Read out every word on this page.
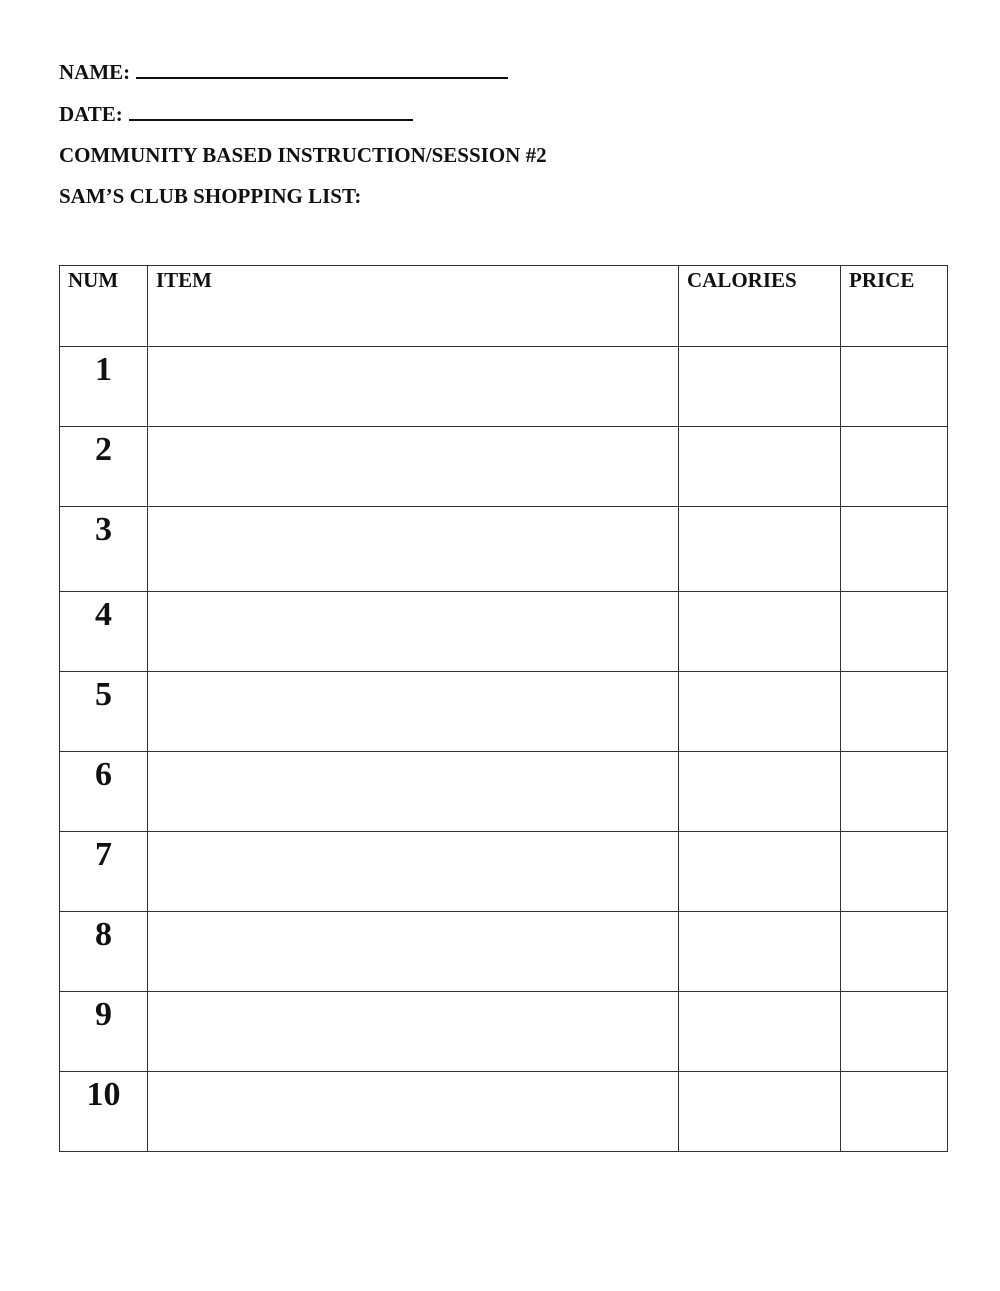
NAME:
DATE:
COMMUNITY BASED INSTRUCTION/SESSION #2
SAM’S CLUB SHOPPING LIST:
NUM	ITEM	CALORIES	PRICE
1			
2			
3			
4			
5			
6			
7			
8			
9			
10			
